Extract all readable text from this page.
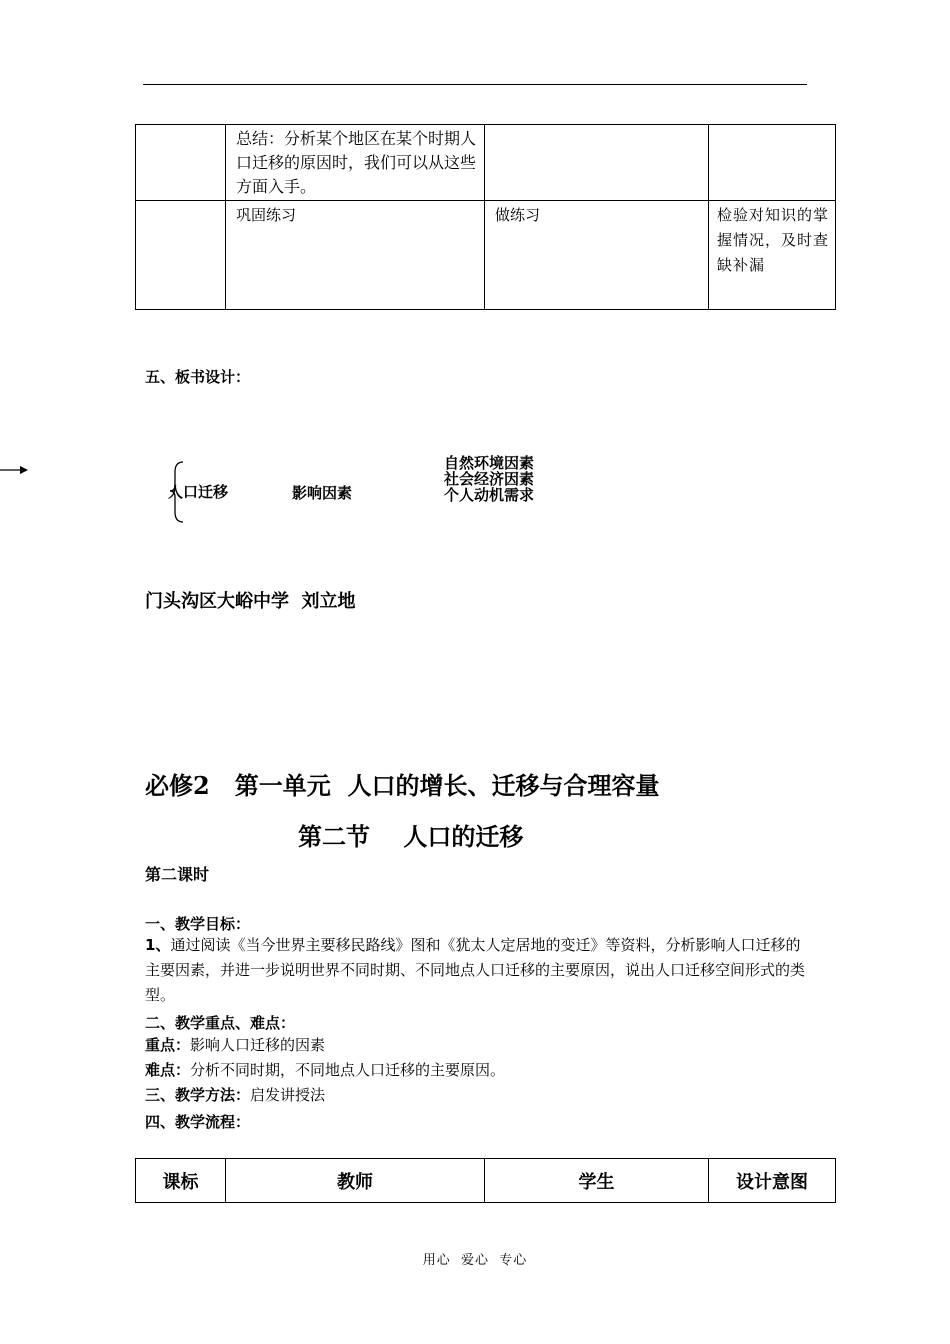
	总结：分析某个地区在某个时期人口迁移的原因时，我们可以从这些方面入手。		
	巩固练习	做练习	检验对知识的掌握情况，及时查缺补漏
五、板书设计：
人口迁移	影响因素
自然环境因素
社会经济因素
个人动机需求
门头沟区大峪中学  刘立地
必修2   第一单元  人口的增长、迁移与合理容量
第二节    人口的迁移
第二课时
一、教学目标：
1、通过阅读《当今世界主要移民路线》图和《犹太人定居地的变迁》等资料，分析影响人口迁移的主要因素，并进一步说明世界不同时期、不同地点人口迁移的主要原因，说出人口迁移空间形式的类型。
二、教学重点、难点：
重点：影响人口迁移的因素
难点：分析不同时期，不同地点人口迁移的主要原因。
三、教学方法：启发讲授法
四、教学流程：
课标	教师	学生	设计意图
用心  爱心  专心
